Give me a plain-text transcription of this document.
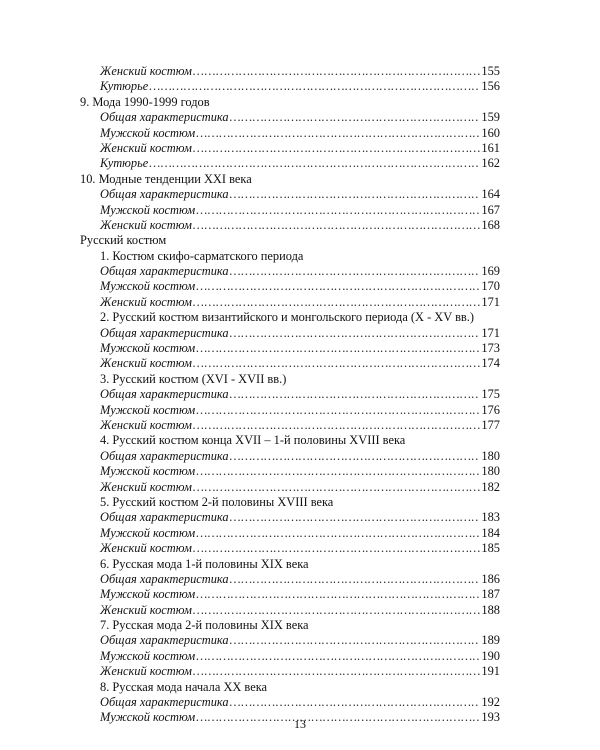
Женский костюм ……………………………………………………………………………………………………………………………………………………………………	155
Кутюрье ……………………………………………………………………………………………………………………………………………………………………	156
9. Мода 1990-1999 годов
Общая характеристика ……………………………………………………………………………………………………………………………………………………………………	159
Мужской костюм ……………………………………………………………………………………………………………………………………………………………………	160
Женский костюм ……………………………………………………………………………………………………………………………………………………………………	161
Кутюрье ……………………………………………………………………………………………………………………………………………………………………	162
10. Модные тенденции XXI века
Общая характеристика ……………………………………………………………………………………………………………………………………………………………………	164
Мужской костюм ……………………………………………………………………………………………………………………………………………………………………	167
Женский костюм ……………………………………………………………………………………………………………………………………………………………………	168
Русский костюм
1. Костюм скифо-сарматского периода
Общая характеристика ……………………………………………………………………………………………………………………………………………………………………	169
Мужской костюм ……………………………………………………………………………………………………………………………………………………………………	170
Женский костюм ……………………………………………………………………………………………………………………………………………………………………	171
2. Русский костюм византийского и монгольского периода (X - XV вв.)
Общая характеристика ……………………………………………………………………………………………………………………………………………………………………	171
Мужской костюм ……………………………………………………………………………………………………………………………………………………………………	173
Женский костюм ……………………………………………………………………………………………………………………………………………………………………	174
3. Русский костюм (XVI - XVII вв.)
Общая характеристика ……………………………………………………………………………………………………………………………………………………………………	175
Мужской костюм ……………………………………………………………………………………………………………………………………………………………………	176
Женский костюм ……………………………………………………………………………………………………………………………………………………………………	177
4. Русский костюм конца XVII – 1-й половины XVIII века
Общая характеристика ……………………………………………………………………………………………………………………………………………………………………	180
Мужской костюм ……………………………………………………………………………………………………………………………………………………………………	180
Женский костюм ……………………………………………………………………………………………………………………………………………………………………	182
5. Русский костюм 2-й половины XVIII века
Общая характеристика ……………………………………………………………………………………………………………………………………………………………………	183
Мужской костюм ……………………………………………………………………………………………………………………………………………………………………	184
Женский костюм ……………………………………………………………………………………………………………………………………………………………………	185
6. Русская мода 1-й половины XIX века
Общая характеристика ……………………………………………………………………………………………………………………………………………………………………	186
Мужской костюм ……………………………………………………………………………………………………………………………………………………………………	187
Женский костюм ……………………………………………………………………………………………………………………………………………………………………	188
7. Русская мода 2-й половины XIX века
Общая характеристика ……………………………………………………………………………………………………………………………………………………………………	189
Мужской костюм ……………………………………………………………………………………………………………………………………………………………………	190
Женский костюм ……………………………………………………………………………………………………………………………………………………………………	191
8. Русская мода начала XX века
Общая характеристика ……………………………………………………………………………………………………………………………………………………………………	192
Мужской костюм ……………………………………………………………………………………………………………………………………………………………………	193
13
